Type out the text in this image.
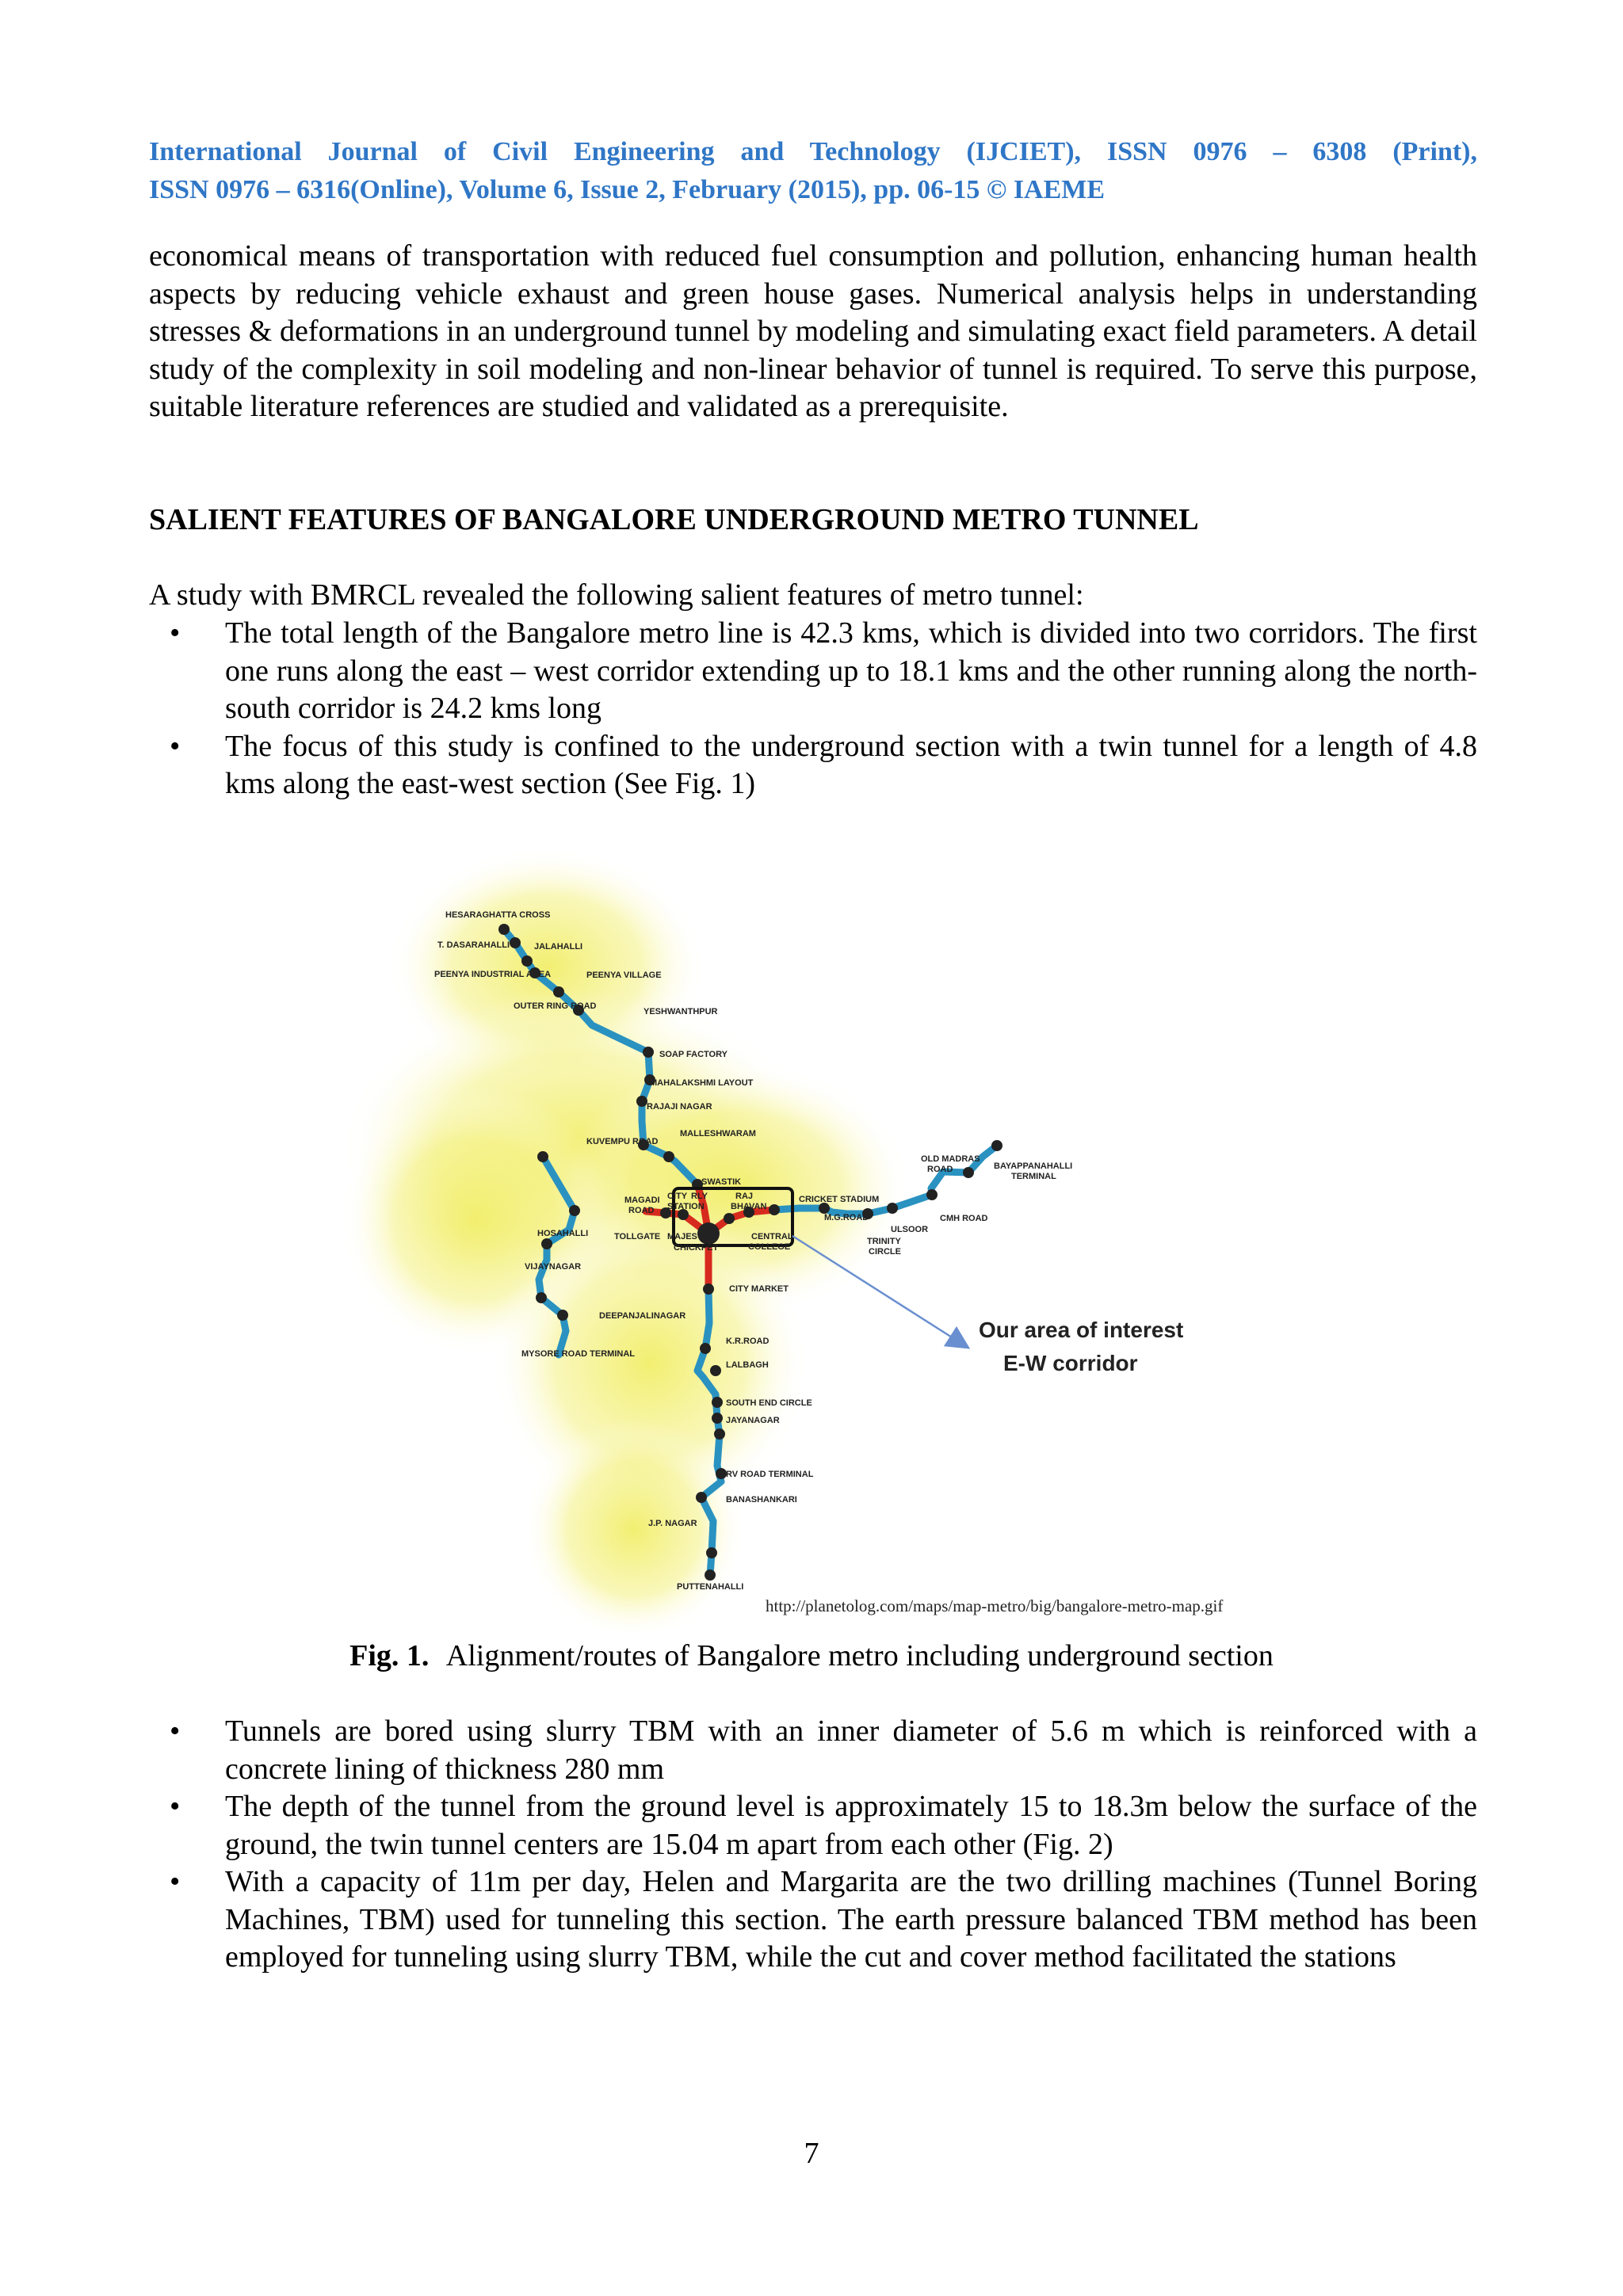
International Journal of Civil Engineering and Technology (IJCIET), ISSN 0976 – 6308 (Print),
ISSN 0976 – 6316(Online), Volume 6, Issue 2, February (2015), pp. 06-15 © IAEME
economical means of transportation with reduced fuel consumption and pollution, enhancing human health aspects by reducing vehicle exhaust and green house gases. Numerical analysis helps in understanding stresses & deformations in an underground tunnel by modeling and simulating exact field parameters. A detail study of the complexity in soil modeling and non-linear behavior of tunnel is required. To serve this purpose, suitable literature references are studied and validated as a prerequisite.
SALIENT FEATURES OF BANGALORE UNDERGROUND METRO TUNNEL
A study with BMRCL revealed the following salient features of metro tunnel:
• The total length of the Bangalore metro line is 42.3 kms, which is divided into two corridors. The first one runs along the east – west corridor extending up to 18.1 kms and the other running along the north-south corridor is 24.2 kms long
• The focus of this study is confined to the underground section with a twin tunnel for a length of 4.8 kms along the east-west section (See Fig. 1)
HESARAGHATTA CROSS
T. DASARAHALLI	JALAHALLI
PEENYA INDUSTRIAL AREA	PEENYA VILLAGE
OUTER RING ROAD
YESHWANTHPUR
SOAP FACTORY
MAHALAKSHMI LAYOUT
RAJAJI NAGAR
KUVEMPU ROAD
MALLESHWARAM
SWASTIK
MAGADI
ROAD
CITY RLY
STATION
RAJ
BHAVAN
CRICKET STADIUM
M.G.ROAD
HOSAHALLI	TOLLGATE MAJESTIC
CHICKPET
CENTRAL
COLLEGE
TRINITY
CIRCLE
ULSOOR
CMH ROAD
OLD MADRAS
ROAD	BAYAPPANAHALLI
TERMINAL
VIJAYNAGAR
DEEPANJALINAGAR
MYSORE ROAD TERMINAL
CITY MARKET
K.R.ROAD
LALBAGH
SOUTH END CIRCLE
JAYANAGAR
RV ROAD TERMINAL
BANASHANKARI
J.P. NAGAR
PUTTENAHALLI
Our area of interest
E-W corridor
http://planetolog.com/maps/map-metro/big/bangalore-metro-map.gif
Fig. 1. Alignment/routes of Bangalore metro including underground section
• Tunnels are bored using slurry TBM with an inner diameter of 5.6 m which is reinforced with a concrete lining of thickness 280 mm
• The depth of the tunnel from the ground level is approximately 15 to 18.3m below the surface of the ground, the twin tunnel centers are 15.04 m apart from each other (Fig. 2)
• With a capacity of 11m per day, Helen and Margarita are the two drilling machines (Tunnel Boring Machines, TBM) used for tunneling this section. The earth pressure balanced TBM method has been employed for tunneling using slurry TBM, while the cut and cover method facilitated the stations
7
